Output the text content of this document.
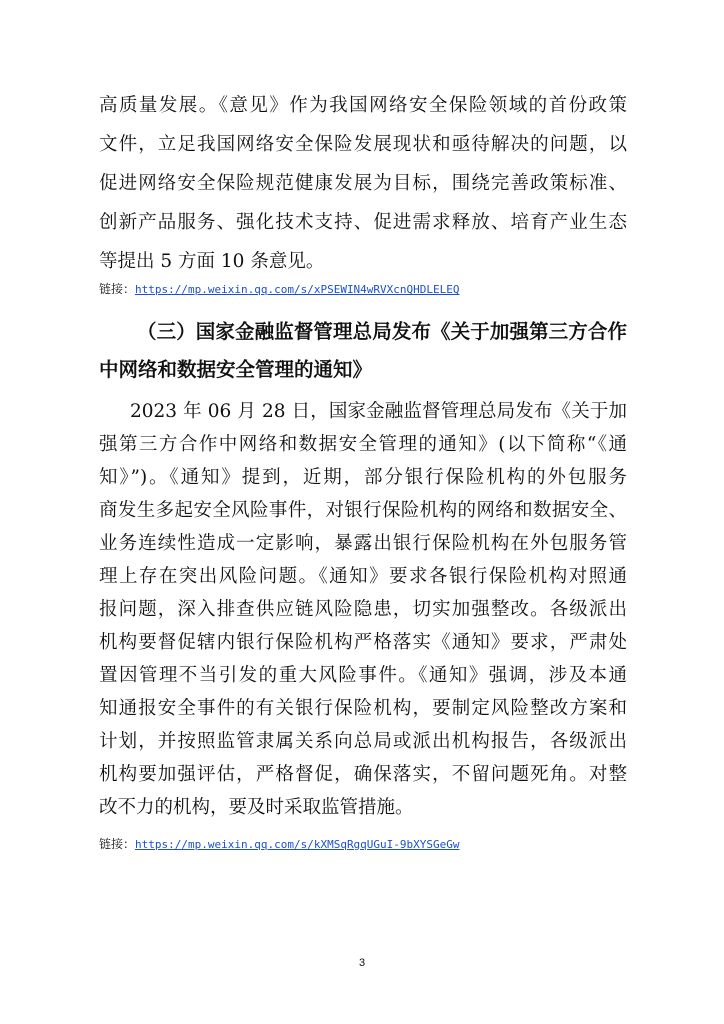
高质量发展。《意见》作为我国网络安全保险领域的首份政策
文件，立足我国网络安全保险发展现状和亟待解决的问题，以
促进网络安全保险规范健康发展为目标，围绕完善政策标准、
创新产品服务、强化技术支持、促进需求释放、培育产业生态
等提出 5 方面 10 条意见。
链接：https://mp.weixin.qq.com/s/xPSEWIN4wRVXcnQHDLELEQ
（三）国家金融监督管理总局发布《关于加强第三方合作
中网络和数据安全管理的通知》
2023 年 06 月 28 日，国家金融监督管理总局发布《关于加
强第三方合作中网络和数据安全管理的通知》(以下简称“《通
知》”)。《通知》提到，近期，部分银行保险机构的外包服务
商发生多起安全风险事件，对银行保险机构的网络和数据安全、
业务连续性造成一定影响，暴露出银行保险机构在外包服务管
理上存在突出风险问题。《通知》要求各银行保险机构对照通
报问题，深入排查供应链风险隐患，切实加强整改。各级派出
机构要督促辖内银行保险机构严格落实《通知》要求，严肃处
置因管理不当引发的重大风险事件。《通知》强调，涉及本通
知通报安全事件的有关银行保险机构，要制定风险整改方案和
计划，并按照监管隶属关系向总局或派出机构报告，各级派出
机构要加强评估，严格督促，确保落实，不留问题死角。对整
改不力的机构，要及时采取监管措施。
链接：https://mp.weixin.qq.com/s/kXMSqRgqUGuI-9bXYSGeGw
3
